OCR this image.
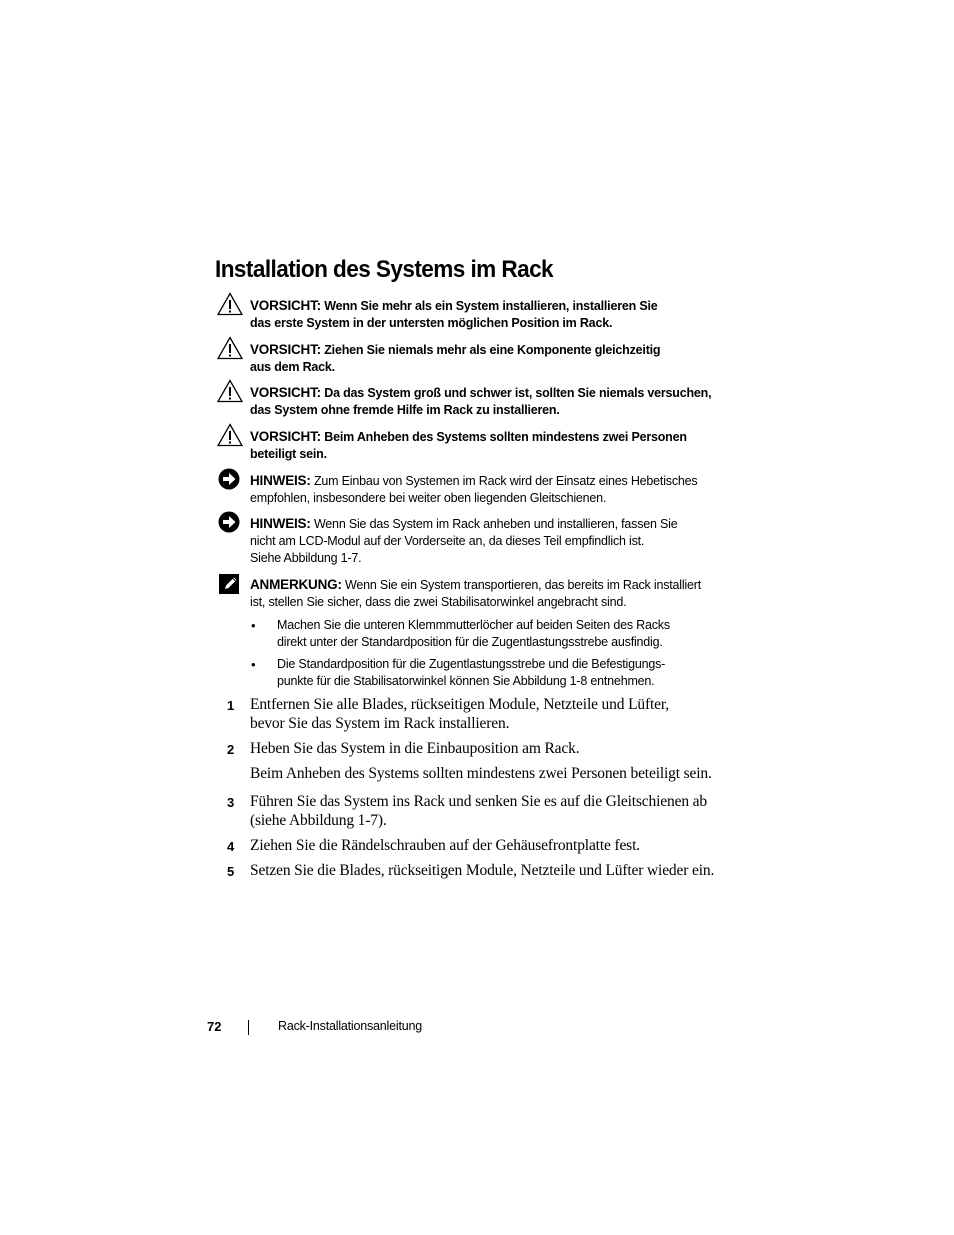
Installation des Systems im Rack
VORSICHT: Wenn Sie mehr als ein System installieren, installieren Sie
das erste System in der untersten möglichen Position im Rack.
VORSICHT: Ziehen Sie niemals mehr als eine Komponente gleichzeitig
aus dem Rack.
VORSICHT: Da das System groß und schwer ist, sollten Sie niemals versuchen,
das System ohne fremde Hilfe im Rack zu installieren.
VORSICHT: Beim Anheben des Systems sollten mindestens zwei Personen
beteiligt sein.
HINWEIS: Zum Einbau von Systemen im Rack wird der Einsatz eines Hebetisches
empfohlen, insbesondere bei weiter oben liegenden Gleitschienen.
HINWEIS: Wenn Sie das System im Rack anheben und installieren, fassen Sie
nicht am LCD-Modul auf der Vorderseite an, da dieses Teil empfindlich ist.
Siehe Abbildung 1-7.
ANMERKUNG: Wenn Sie ein System transportieren, das bereits im Rack installiert
ist, stellen Sie sicher, dass die zwei Stabilisatorwinkel angebracht sind.
• Machen Sie die unteren Klemmmutterlöcher auf beiden Seiten des Racks
direkt unter der Standardposition für die Zugentlastungsstrebe ausfindig.
• Die Standardposition für die Zugentlastungsstrebe und die Befestigungs-
punkte für die Stabilisatorwinkel können Sie Abbildung 1-8 entnehmen.
1 Entfernen Sie alle Blades, rückseitigen Module, Netzteile und Lüfter,
bevor Sie das System im Rack installieren.
2 Heben Sie das System in die Einbauposition am Rack.
Beim Anheben des Systems sollten mindestens zwei Personen beteiligt sein.
3 Führen Sie das System ins Rack und senken Sie es auf die Gleitschienen ab
(siehe Abbildung 1-7).
4 Ziehen Sie die Rändelschrauben auf der Gehäusefrontplatte fest.
5 Setzen Sie die Blades, rückseitigen Module, Netzteile und Lüfter wieder ein.
72	Rack-Installationsanleitung
